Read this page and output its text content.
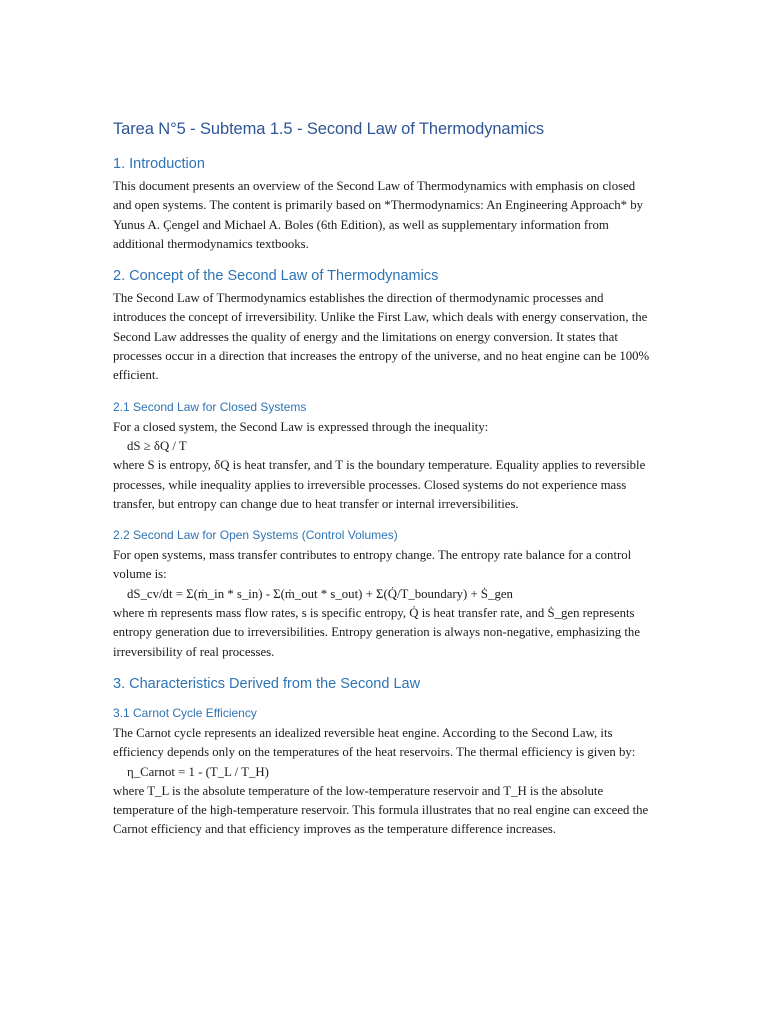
Tarea N°5 - Subtema 1.5 - Second Law of Thermodynamics
1. Introduction

This document presents an overview of the Second Law of Thermodynamics with emphasis on closed and open systems. The content is primarily based on *Thermodynamics: An Engineering Approach* by Yunus A. Çengel and Michael A. Boles (6th Edition), as well as supplementary information from additional thermodynamics textbooks.

2. Concept of the Second Law of Thermodynamics

The Second Law of Thermodynamics establishes the direction of thermodynamic processes and introduces the concept of irreversibility. Unlike the First Law, which deals with energy conservation, the Second Law addresses the quality of energy and the limitations on energy conversion. It states that processes occur in a direction that increases the entropy of the universe, and no heat engine can be 100% efficient.

2.1 Second Law for Closed Systems

For a closed system, the Second Law is expressed through the inequality:

dS ≥ δQ / T

where S is entropy, δQ is heat transfer, and T is the boundary temperature. Equality applies to reversible processes, while inequality applies to irreversible processes. Closed systems do not experience mass transfer, but entropy can change due to heat transfer or internal irreversibilities.

2.2 Second Law for Open Systems (Control Volumes)

For open systems, mass transfer contributes to entropy change. The entropy rate balance for a control volume is:

dS_cv/dt = Σ(ṁ_in * s_in) - Σ(ṁ_out * s_out) + Σ(Q̇/T_boundary) + Ṡ_gen

where ṁ represents mass flow rates, s is specific entropy, Q̇ is heat transfer rate, and Ṡ_gen represents entropy generation due to irreversibilities. Entropy generation is always non-negative, emphasizing the irreversibility of real processes.

3. Characteristics Derived from the Second Law
3.1 Carnot Cycle Efficiency

The Carnot cycle represents an idealized reversible heat engine. According to the Second Law, its efficiency depends only on the temperatures of the heat reservoirs. The thermal efficiency is given by:

η_Carnot = 1 - (T_L / T_H)

where T_L is the absolute temperature of the low-temperature reservoir and T_H is the absolute temperature of the high-temperature reservoir. This formula illustrates that no real engine can exceed the Carnot efficiency and that efficiency improves as the temperature difference increases.
